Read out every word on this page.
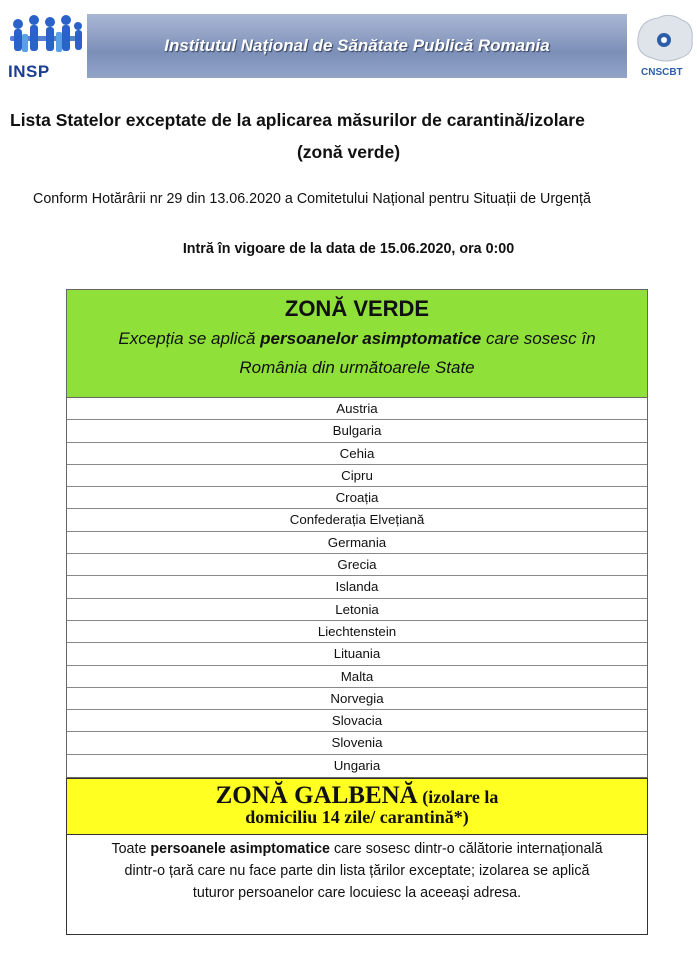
INSP
Institutul Național de Sănătate Publică Romania
CNSCBT
Lista Statelor exceptate de la aplicarea măsurilor de carantină/izolare
(zonă verde)
Conform Hotărârii nr 29 din 13.06.2020 a Comitetului Național pentru Situații de Urgență
Intră în vigoare de la data de 15.06.2020, ora 0:00
ZONĂ VERDE
Excepția se aplică persoanelor asimptomatice care sosesc în
România din următoarele State
Austria
Bulgaria
Cehia
Cipru
Croația
Confederația Elvețiană
Germania
Grecia
Islanda
Letonia
Liechtenstein
Lituania
Malta
Norvegia
Slovacia
Slovenia
Ungaria
ZONĂ GALBENĂ (izolare la
domiciliu 14 zile/ carantină*)
Toate persoanele asimptomatice care sosesc dintr-o călătorie internațională
dintr-o țară care nu face parte din lista țărilor exceptate; izolarea se aplică
tuturor persoanelor care locuiesc la aceeași adresa.
